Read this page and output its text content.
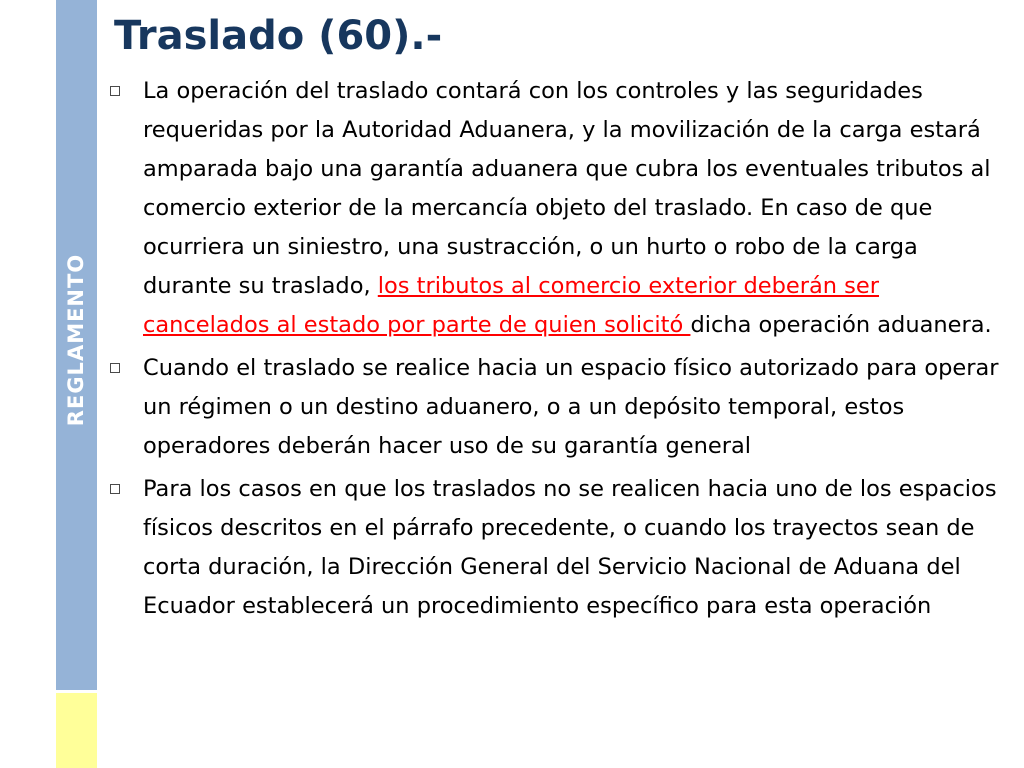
REGLAMENTO
Traslado (60).-
La operación del traslado contará con los controles y las seguridades requeridas por la Autoridad Aduanera, y la movilización de la carga estará amparada bajo una garantía aduanera que cubra los eventuales tributos al comercio exterior de la mercancía objeto del traslado. En caso de que ocurriera un siniestro, una sustracción, o un hurto o robo de la carga durante su traslado, los tributos al comercio exterior deberán ser cancelados al estado por parte de quien solicitó dicha operación aduanera.
Cuando el traslado se realice hacia un espacio físico autorizado para operar un régimen o un destino aduanero, o a un depósito temporal, estos operadores deberán hacer uso de su garantía general
Para los casos en que los traslados no se realicen hacia uno de los espacios físicos descritos en el párrafo precedente, o cuando los trayectos sean de corta duración, la Dirección General del Servicio Nacional de Aduana del Ecuador establecerá un procedimiento específico para esta operación
